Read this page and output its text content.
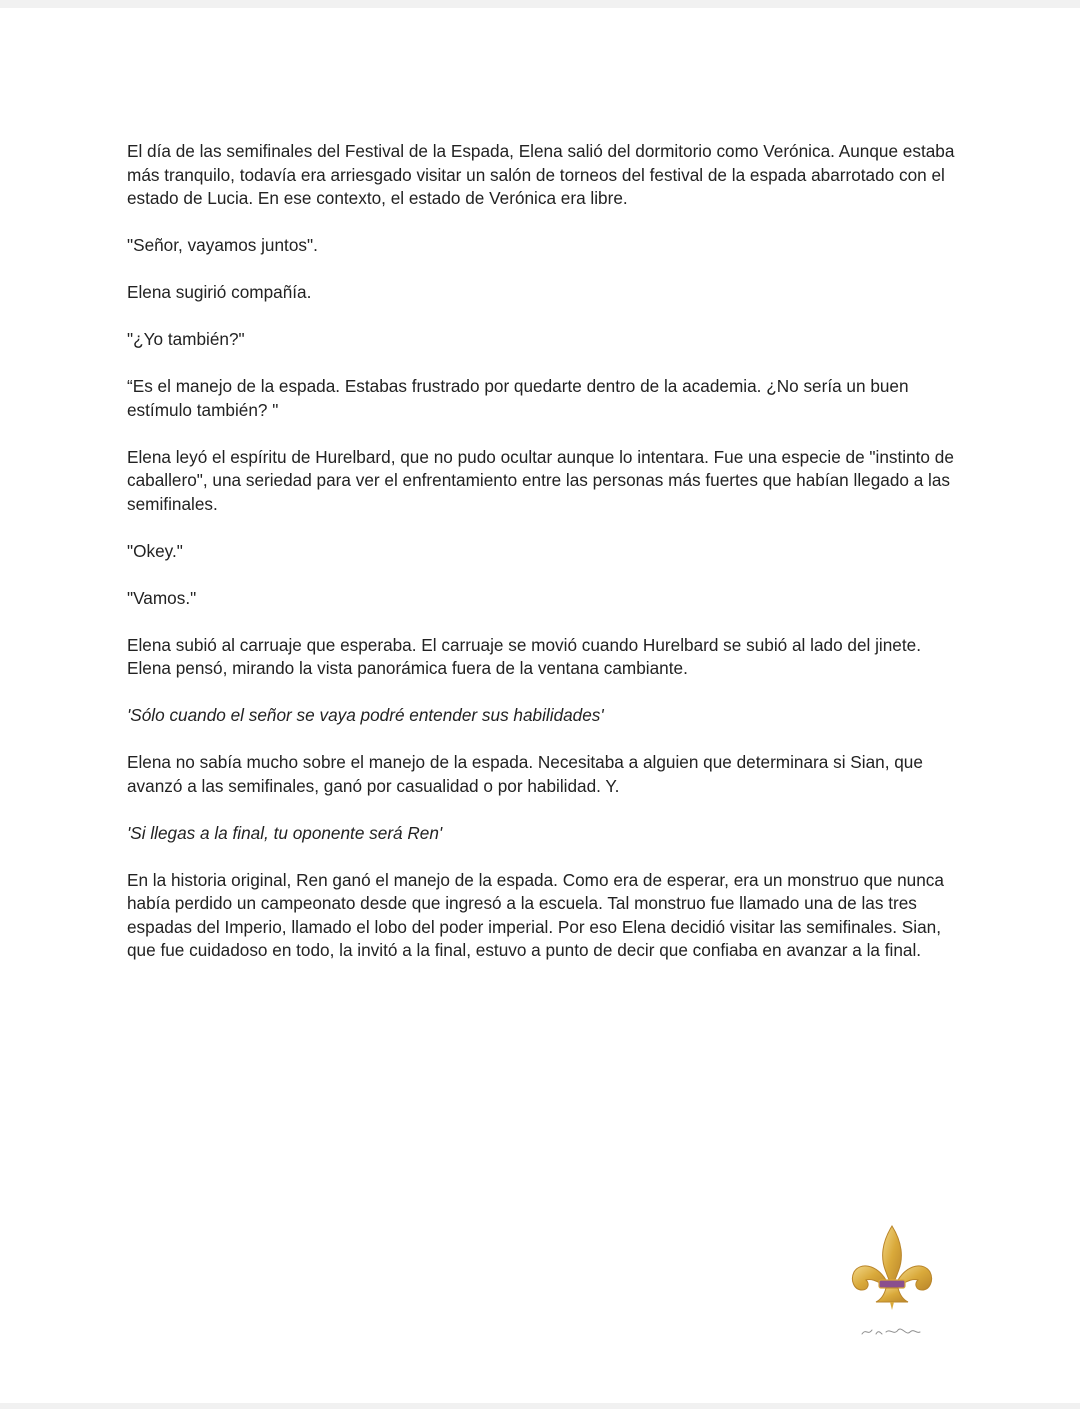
El día de las semifinales del Festival de la Espada, Elena salió del dormitorio como Verónica. Aunque estaba más tranquilo, todavía era arriesgado visitar un salón de torneos del festival de la espada abarrotado con el estado de Lucia. En ese contexto, el estado de Verónica era libre.

"Señor, vayamos juntos".

Elena sugirió compañía.

"¿Yo también?"

“Es el manejo de la espada. Estabas frustrado por quedarte dentro de la academia. ¿No sería un buen estímulo también? "

Elena leyó el espíritu de Hurelbard, que no pudo ocultar aunque lo intentara. Fue una especie de "instinto de caballero", una seriedad para ver el enfrentamiento entre las personas más fuertes que habían llegado a las semifinales.

"Okey."

"Vamos."

Elena subió al carruaje que esperaba. El carruaje se movió cuando Hurelbard se subió al lado del jinete. Elena pensó, mirando la vista panorámica fuera de la ventana cambiante.

'Sólo cuando el señor se vaya podré entender sus habilidades'

Elena no sabía mucho sobre el manejo de la espada. Necesitaba a alguien que determinara si Sian, que avanzó a las semifinales, ganó por casualidad o por habilidad. Y.

'Si llegas a la final, tu oponente será Ren'

En la historia original, Ren ganó el manejo de la espada. Como era de esperar, era un monstruo que nunca había perdido un campeonato desde que ingresó a la escuela. Tal monstruo fue llamado una de las tres espadas del Imperio, llamado el lobo del poder imperial. Por eso Elena decidió visitar las semifinales. Sian, que fue cuidadoso en todo, la invitó a la final, estuvo a punto de decir que confiaba en avanzar a la final.
